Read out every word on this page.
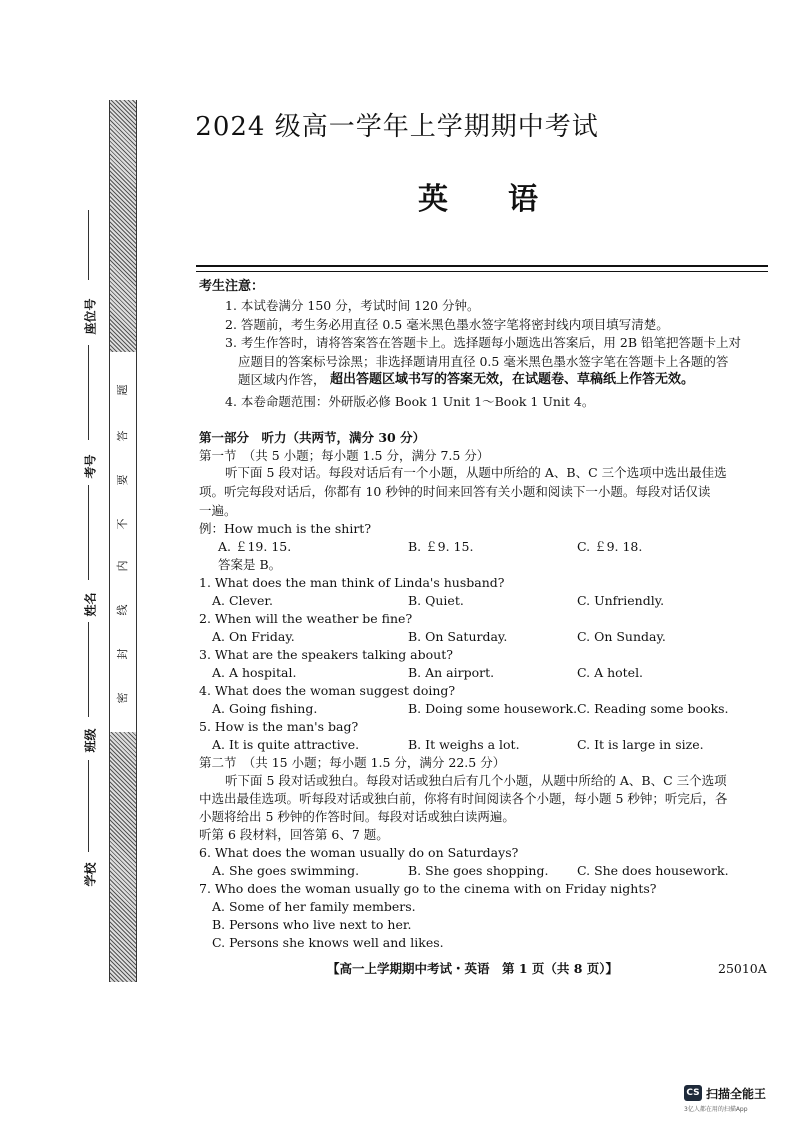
题
答
要
不
内
线
封
密
座位号
考号
姓名
班级
学校
2024 级高一学年上学期期中考试
英 语
考生注意：
1. 本试卷满分 150 分，考试时间 120 分钟。
2. 答题前，考生务必用直径 0.5 毫米黑色墨水签字笔将密封线内项目填写清楚。
3. 考生作答时，请将答案答在答题卡上。选择题每小题选出答案后，用 2B 铅笔把答题卡上对
应题目的答案标号涂黑；非选择题请用直径 0.5 毫米黑色墨水签字笔在答题卡上各题的答
题区域内作答， 超出答题区域书写的答案无效，在试题卷、草稿纸上作答无效。
4. 本卷命题范围：外研版必修 Book 1 Unit 1～Book 1 Unit 4。
第一部分　听力（共两节，满分 30 分）
第一节　（共 5 小题；每小题 1.5 分，满分 7.5 分）
听下面 5 段对话。每段对话后有一个小题，从题中所给的 A、B、C 三个选项中选出最佳选
项。听完每段对话后，你都有 10 秒钟的时间来回答有关小题和阅读下一小题。每段对话仅读
一遍。
例：How much is the shirt?
A. ￡19. 15.	B. ￡9. 15.	C. ￡9. 18.
答案是 B。
1. What does the man think of Linda's husband?
A. Clever.	B. Quiet.	C. Unfriendly.
2. When will the weather be fine?
A. On Friday.	B. On Saturday.	C. On Sunday.
3. What are the speakers talking about?
A. A hospital.	B. An airport.	C. A hotel.
4. What does the woman suggest doing?
A. Going fishing.	B. Doing some housework. C. Reading some books.
5. How is the man's bag?
A. It is quite attractive.	B. It weighs a lot.	C. It is large in size.
第二节　（共 15 小题；每小题 1.5 分，满分 22.5 分）
听下面 5 段对话或独白。每段对话或独白后有几个小题，从题中所给的 A、B、C 三个选项
中选出最佳选项。听每段对话或独白前，你将有时间阅读各个小题，每小题 5 秒钟；听完后，各
小题将给出 5 秒钟的作答时间。每段对话或独白读两遍。
听第 6 段材料，回答第 6、7 题。
6. What does the woman usually do on Saturdays?
A. She goes swimming.	B. She goes shopping. C. She does housework.
7. Who does the woman usually go to the cinema with on Friday nights?
A. Some of her family members.
B. Persons who live next to her.
C. Persons she knows well and likes.
【高一上学期期中考试・英语　第 1 页（共 8 页）】	25010A
CS 扫描全能王
3亿人都在用的扫描App
